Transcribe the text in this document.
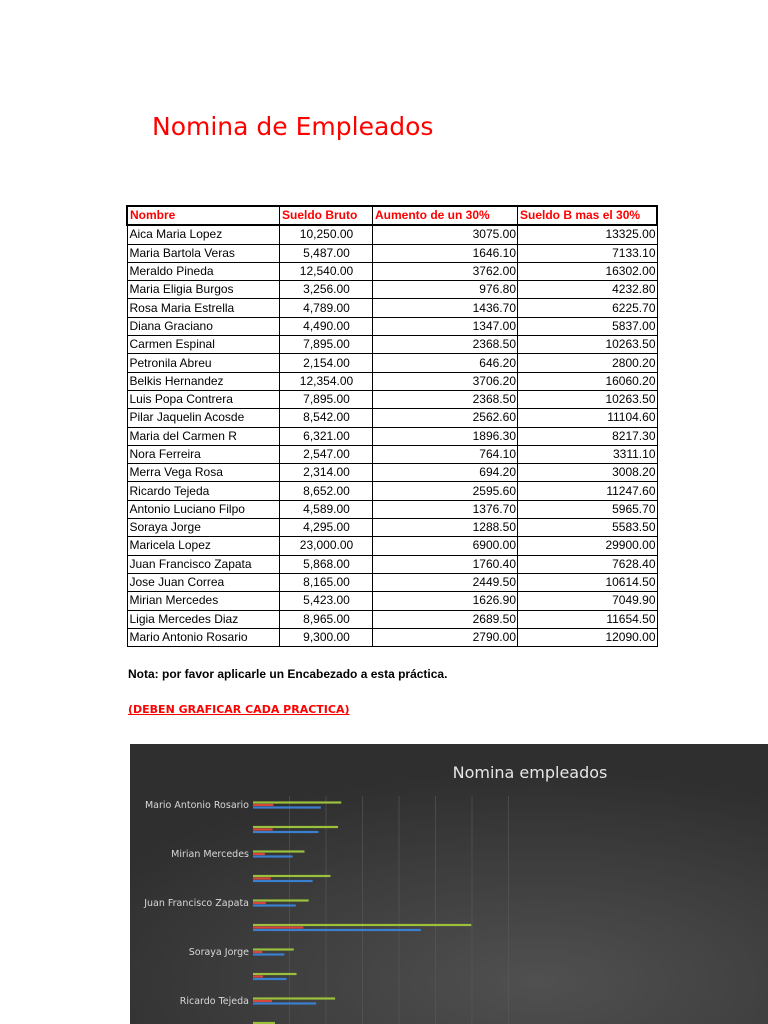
Nomina de Empleados
Nombre	Sueldo Bruto	Aumento de un 30%	Sueldo B mas el 30%
Aica Maria Lopez	10,250.00	3075.00	13325.00
Maria Bartola Veras	5,487.00	1646.10	7133.10
Meraldo Pineda	12,540.00	3762.00	16302.00
Maria Eligia Burgos	3,256.00	976.80	4232.80
Rosa Maria Estrella	4,789.00	1436.70	6225.70
Diana Graciano	4,490.00	1347.00	5837.00
Carmen Espinal	7,895.00	2368.50	10263.50
Petronila Abreu	2,154.00	646.20	2800.20
Belkis Hernandez	12,354.00	3706.20	16060.20
Luis Popa Contrera	7,895.00	2368.50	10263.50
Pilar Jaquelin Acosde	8,542.00	2562.60	11104.60
Maria del Carmen R	6,321.00	1896.30	8217.30
Nora Ferreira	2,547.00	764.10	3311.10
Merra Vega Rosa	2,314.00	694.20	3008.20
Ricardo Tejeda	8,652.00	2595.60	11247.60
Antonio Luciano Filpo	4,589.00	1376.70	5965.70
Soraya Jorge	4,295.00	1288.50	5583.50
Maricela Lopez	23,000.00	6900.00	29900.00
Juan Francisco Zapata	5,868.00	1760.40	7628.40
Jose Juan Correa	8,165.00	2449.50	10614.50
Mirian Mercedes	5,423.00	1626.90	7049.90
Ligia Mercedes Diaz	8,965.00	2689.50	11654.50
Mario Antonio Rosario	9,300.00	2790.00	12090.00
Nota: por favor aplicarle un Encabezado a esta práctica.
(DEBEN GRAFICAR CADA PRACTICA)
Mario Antonio Rosario
Mirian Mercedes
Juan Francisco Zapata
Soraya Jorge
Ricardo Tejeda
Nomina empleados
